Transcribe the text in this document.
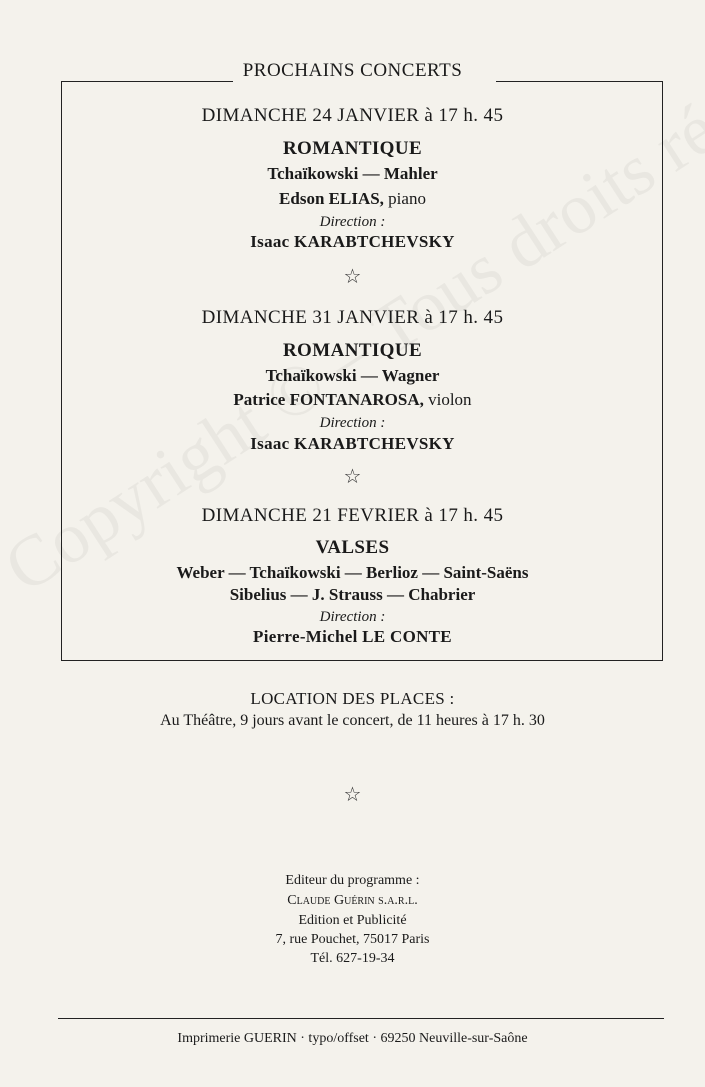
PROCHAINS CONCERTS
DIMANCHE 24 JANVIER à 17 h. 45
ROMANTIQUE
Tchaïkowski — Mahler
Edson ELIAS, piano
Direction :
Isaac KARABTCHEVSKY
☆
DIMANCHE 31 JANVIER à 17 h. 45
ROMANTIQUE
Tchaïkowski — Wagner
Patrice FONTANAROSA, violon
Direction :
Isaac KARABTCHEVSKY
☆
DIMANCHE 21 FEVRIER à 17 h. 45
VALSES
Weber — Tchaïkowski — Berlioz — Saint-Saëns
Sibelius — J. Strauss — Chabrier
Direction :
Pierre-Michel LE CONTE
LOCATION DES PLACES :
Au Théâtre, 9 jours avant le concert, de 11 heures à 17 h. 30
☆
Editeur du programme :
Claude Guérin s.a.r.l.
Edition et Publicité
7, rue Pouchet, 75017 Paris
Tél. 627-19-34
Imprimerie GUERIN · typo/offset · 69250 Neuville-sur-Saône
